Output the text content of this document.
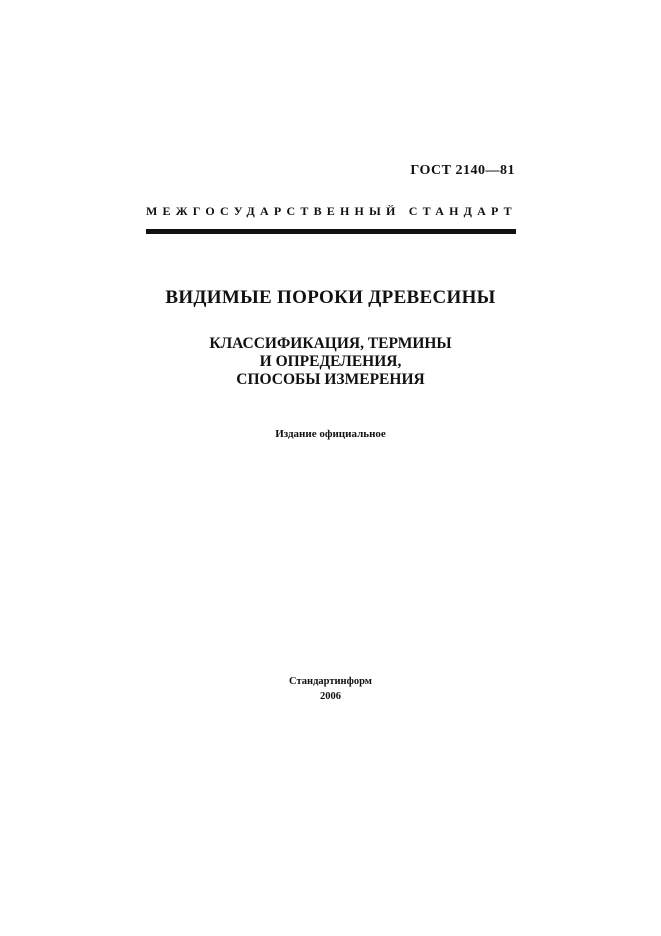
ГОСТ 2140—81
МЕЖГОСУДАРСТВЕННЫЙ СТАНДАРТ
ВИДИМЫЕ ПОРОКИ ДРЕВЕСИНЫ
КЛАССИФИКАЦИЯ, ТЕРМИНЫ
И ОПРЕДЕЛЕНИЯ,
СПОСОБЫ ИЗМЕРЕНИЯ
Издание официальное
Стандартинформ
2006
